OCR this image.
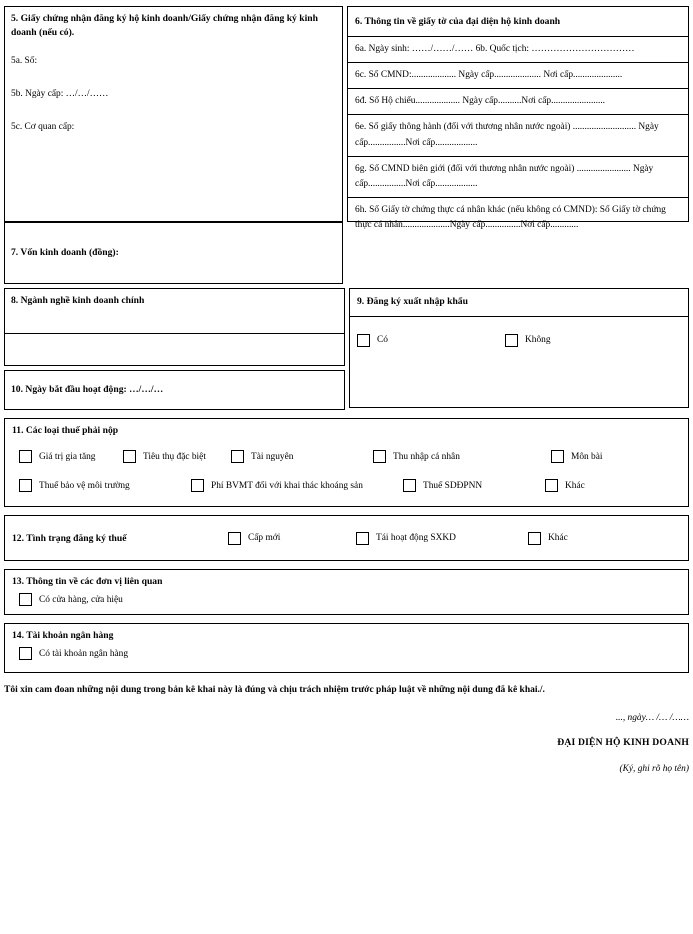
5. Giấy chứng nhận đăng ký hộ kinh doanh/Giấy chứng nhận đăng ký kinh doanh (nếu có).
5a. Số:
5b. Ngày cấp: …/…/……
5c. Cơ quan cấp:
6. Thông tin về giấy tờ của đại diện hộ kinh doanh
6a. Ngày sinh: ……/……/…… 6b. Quốc tịch: ……………………………
6c. Số CMND:................... Ngày cấp.................... Nơi cấp.....................
6đ. Số Hộ chiếu................... Ngày cấp..........Nơi cấp.......................
6e. Số giấy thông hành (đối với thương nhân nước ngoài) ........................... Ngày cấp................Nơi cấp..................
6g. Số CMND biên giới (đối với thương nhân nước ngoài) ....................... Ngày cấp................Nơi cấp..................
6h. Số Giấy tờ chứng thực cá nhân khác (nếu không có CMND): Số Giấy tờ chứng thực cá nhân....................Ngày cấp...............Nơi cấp............
7. Vốn kinh doanh (đồng):
8. Ngành nghề kinh doanh chính
10. Ngày bắt đầu hoạt động: …/…/…
9. Đăng ký xuất nhập khẩu
Có	Không
11. Các loại thuế phải nộp
Giá trị gia tăng	Tiêu thụ đặc biệt	Tài nguyên	Thu nhập cá nhân	Môn bài
Thuế bảo vệ môi trường	Phí BVMT đối với khai thác khoáng sản	Thuế SDĐPNN	Khác
12. Tình trạng đăng ký thuế	Cấp mới	Tái hoạt động SXKD	Khác
13. Thông tin về các đơn vị liên quan
Có cửa hàng, cửa hiệu
14. Tài khoản ngân hàng
Có tài khoản ngân hàng
Tôi xin cam đoan những nội dung trong bản kê khai này là đúng và chịu trách nhiệm trước pháp luật về những nội dung đã kê khai./.
..., ngày… /… /……
ĐẠI DIỆN HỘ KINH DOANH
(Ký, ghi rõ họ tên)
